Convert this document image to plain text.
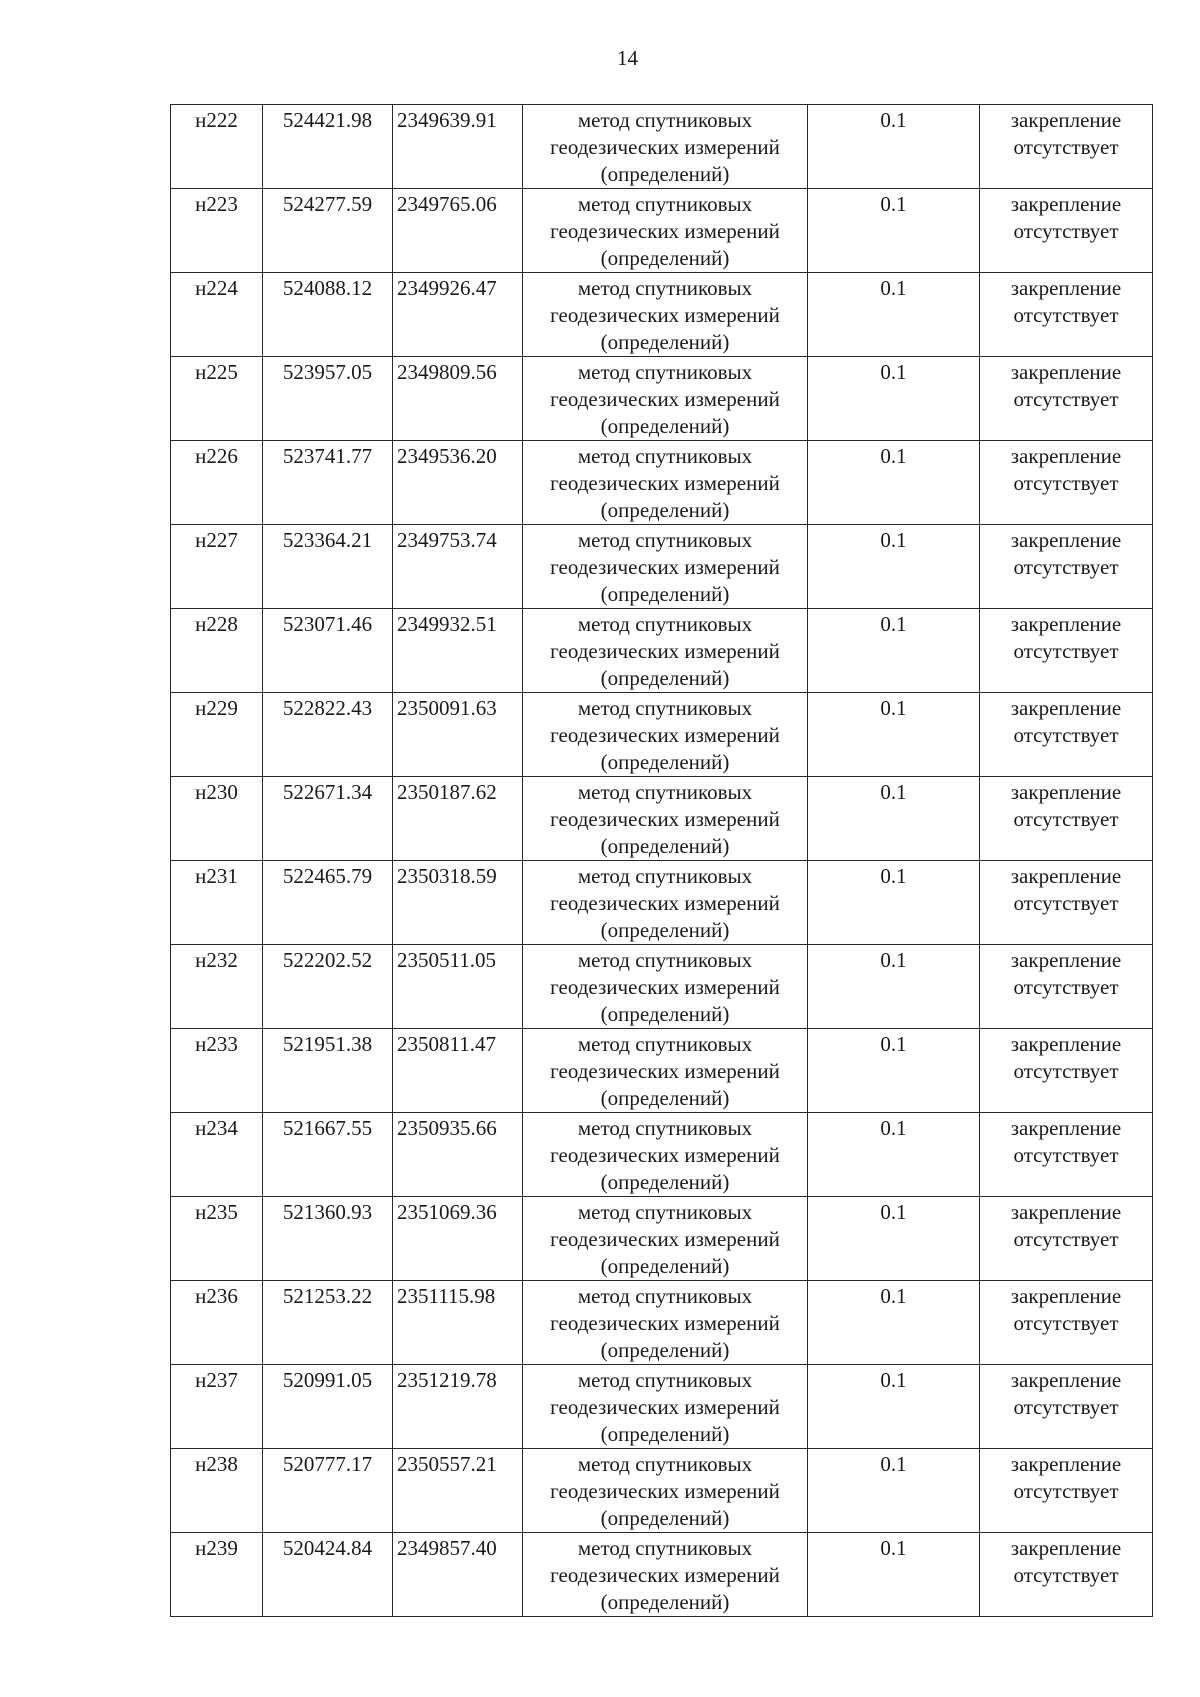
14
н222	524421.98	2349639.91	метод спутниковых геодезических измерений (определений)	0.1	закрепление отсутствует
н223	524277.59	2349765.06	метод спутниковых геодезических измерений (определений)	0.1	закрепление отсутствует
н224	524088.12	2349926.47	метод спутниковых геодезических измерений (определений)	0.1	закрепление отсутствует
н225	523957.05	2349809.56	метод спутниковых геодезических измерений (определений)	0.1	закрепление отсутствует
н226	523741.77	2349536.20	метод спутниковых геодезических измерений (определений)	0.1	закрепление отсутствует
н227	523364.21	2349753.74	метод спутниковых геодезических измерений (определений)	0.1	закрепление отсутствует
н228	523071.46	2349932.51	метод спутниковых геодезических измерений (определений)	0.1	закрепление отсутствует
н229	522822.43	2350091.63	метод спутниковых геодезических измерений (определений)	0.1	закрепление отсутствует
н230	522671.34	2350187.62	метод спутниковых геодезических измерений (определений)	0.1	закрепление отсутствует
н231	522465.79	2350318.59	метод спутниковых геодезических измерений (определений)	0.1	закрепление отсутствует
н232	522202.52	2350511.05	метод спутниковых геодезических измерений (определений)	0.1	закрепление отсутствует
н233	521951.38	2350811.47	метод спутниковых геодезических измерений (определений)	0.1	закрепление отсутствует
н234	521667.55	2350935.66	метод спутниковых геодезических измерений (определений)	0.1	закрепление отсутствует
н235	521360.93	2351069.36	метод спутниковых геодезических измерений (определений)	0.1	закрепление отсутствует
н236	521253.22	2351115.98	метод спутниковых геодезических измерений (определений)	0.1	закрепление отсутствует
н237	520991.05	2351219.78	метод спутниковых геодезических измерений (определений)	0.1	закрепление отсутствует
н238	520777.17	2350557.21	метод спутниковых геодезических измерений (определений)	0.1	закрепление отсутствует
н239	520424.84	2349857.40	метод спутниковых геодезических измерений (определений)	0.1	закрепление отсутствует
